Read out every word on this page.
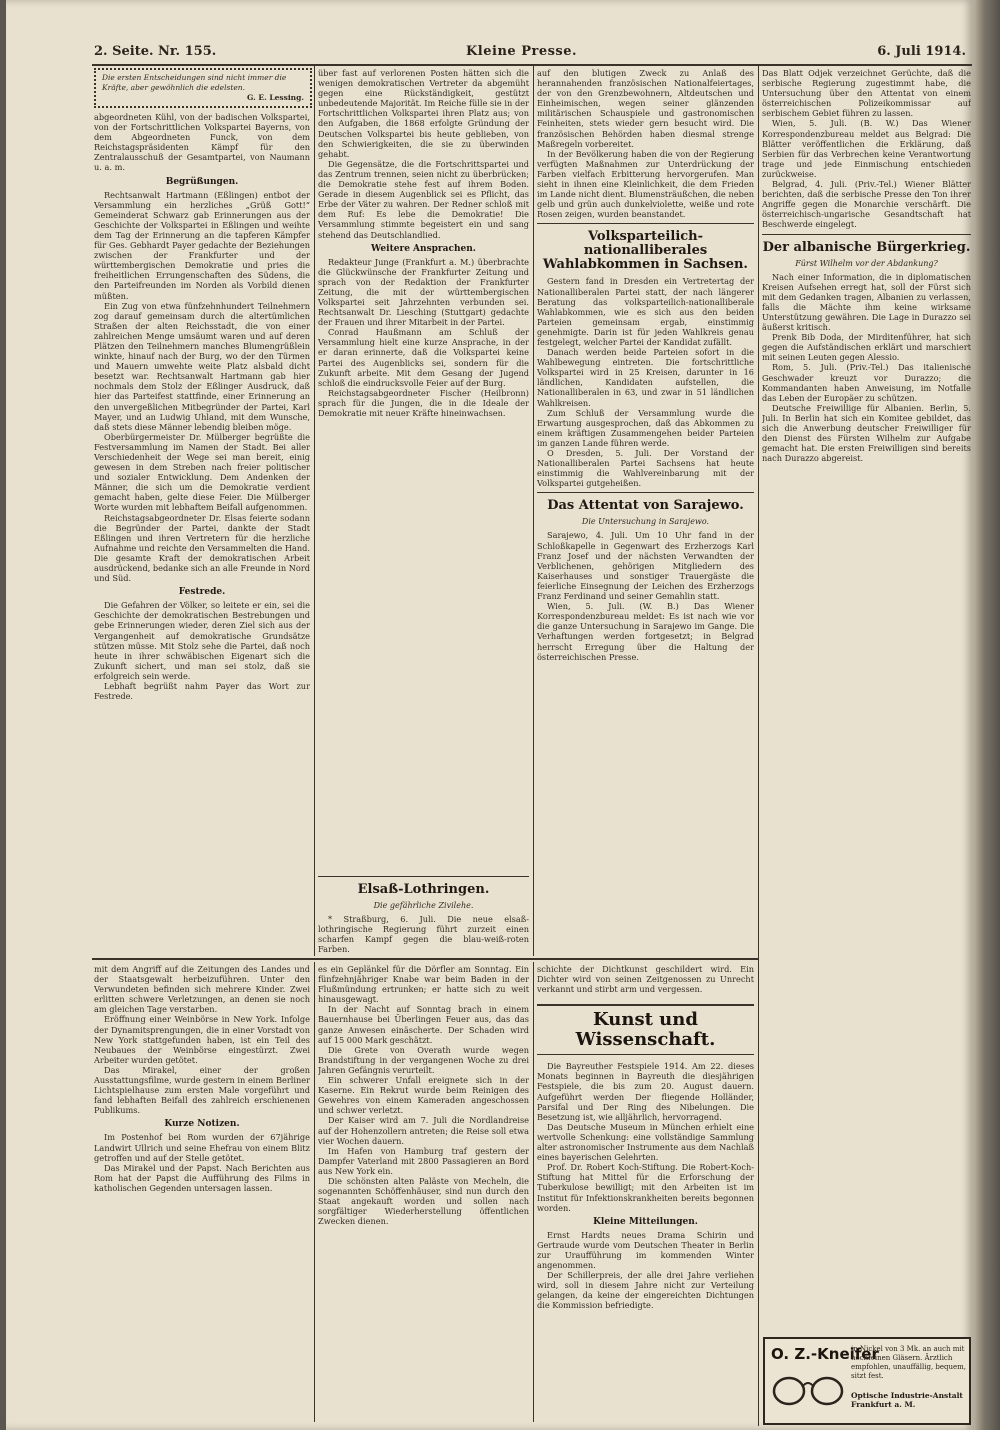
2. Seite. Nr. 155.	Kleine Presse.	6. Juli 1914.
Die ersten Entscheidungen sind nicht immer die Kräfte, aber gewöhnlich die edelsten.
G. E. Lessing.

abgeordneten Kühl, von der badischen Volkspartei, von der Fortschrittlichen Volkspartei Bayerns, von dem Abgeordneten Funck, von dem Reichstagspräsidenten Kämpf für den Zentralausschuß der Gesamtpartei, von Naumann u. a. m.

Begrüßungen.

Rechtsanwalt Hartmann (Eßlingen) entbot der Versammlung ein herzliches „Grüß Gott!“ Gemeinderat Schwarz gab Erinnerungen aus der Geschichte der Volkspartei in Eßlingen und weihte dem Tag der Erinnerung an die tapferen Kämpfer für Ges. Gebhardt Payer gedachte der Beziehungen zwischen der Frankfurter und der württembergischen Demokratie und pries die freiheitlichen Errungenschaften des Südens, die den Parteifreunden im Norden als Vorbild dienen müßten.

Ein Zug von etwa fünfzehnhundert Teilnehmern zog darauf gemeinsam durch die altertümlichen Straßen der alten Reichsstadt, die von einer zahlreichen Menge umsäumt waren und auf deren Plätzen den Teilnehmern manches Blumengrüßlein winkte, hinauf nach der Burg, wo der den Türmen und Mauern umwehte weite Platz alsbald dicht besetzt war. Rechtsanwalt Hartmann gab hier nochmals dem Stolz der Eßlinger Ausdruck, daß hier das Parteifest stattfinde, einer Erinnerung an den unvergeßlichen Mitbegründer der Partei, Karl Mayer, und an Ludwig Uhland, mit dem Wunsche, daß stets diese Männer lebendig bleiben möge.

Oberbürgermeister Dr. Mülberger begrüßte die Festversammlung im Namen der Stadt. Bei aller Verschiedenheit der Wege sei man bereit, einig gewesen in dem Streben nach freier politischer und sozialer Entwicklung. Dem Andenken der Männer, die sich um die Demokratie verdient gemacht haben, gelte diese Feier. Die Mülberger Worte wurden mit lebhaftem Beifall aufgenommen.

Reichstagsabgeordneter Dr. Elsas feierte sodann die Begründer der Partei, dankte der Stadt Eßlingen und ihren Vertretern für die herzliche Aufnahme und reichte den Versammelten die Hand. Die gesamte Kraft der demokratischen Arbeit ausdrückend, bedanke sich an alle Freunde in Nord und Süd.

Festrede.

Die Gefahren der Völker, so leitete er ein, sei die Geschichte der demokratischen Bestrebungen und gebe Erinnerungen wieder, deren Ziel sich aus der Vergangenheit auf demokratische Grundsätze stützen müsse. Mit Stolz sehe die Partei, daß noch heute in ihrer schwäbischen Eigenart sich die Zukunft sichert, und man sei stolz, daß sie erfolgreich sein werde.

Lebhaft begrüßt nahm Payer das Wort zur Festrede.

über fast auf verlorenen Posten hätten sich die wenigen demokratischen Vertreter da abgemüht gegen eine Rückständigkeit, gestützt unbedeutende Majorität. Im Reiche fülle sie in der Fortschrittlichen Volkspartei ihren Platz aus; von den Aufgaben, die 1868 erfolgte Gründung der Deutschen Volkspartei bis heute geblieben, von den Schwierigkeiten, die sie zu überwinden gehabt.

Die Gegensätze, die die Fortschrittspartei und das Zentrum trennen, seien nicht zu überbrücken; die Demokratie stehe fest auf ihrem Boden. Gerade in diesem Augenblick sei es Pflicht, das Erbe der Väter zu wahren. Der Redner schloß mit dem Ruf: Es lebe die Demokratie! Die Versammlung stimmte begeistert ein und sang stehend das Deutschlandlied.

Weitere Ansprachen.

Redakteur Junge (Frankfurt a. M.) überbrachte die Glückwünsche der Frankfurter Zeitung und sprach von der Redaktion der Frankfurter Zeitung, die mit der württembergischen Volkspartei seit Jahrzehnten verbunden sei. Rechtsanwalt Dr. Liesching (Stuttgart) gedachte der Frauen und ihrer Mitarbeit in der Partei.

Conrad Haußmann am Schluß der Versammlung hielt eine kurze Ansprache, in der er daran erinnerte, daß die Volkspartei keine Partei des Augenblicks sei, sondern für die Zukunft arbeite. Mit dem Gesang der Jugend schloß die eindrucksvolle Feier auf der Burg.

Reichstagsabgeordneter Fischer (Heilbronn) sprach für die Jungen, die in die Ideale der Demokratie mit neuer Kräfte hineinwachsen.

Elsaß-Lothringen.
Die gefährliche Zivilehe.

* Straßburg, 6. Juli. Die neue elsaß-lothringische Regierung führt zurzeit einen scharfen Kampf gegen die blau-weiß-roten Farben.

auf den blutigen Zweck zu Anlaß des herannahenden französischen Nationalfeiertages, der von den Grenzbewohnern, Altdeutschen und Einheimischen, wegen seiner glänzenden militärischen Schauspiele und gastronomischen Feinheiten, stets wieder gern besucht wird. Die französischen Behörden haben diesmal strenge Maßregeln vorbereitet.

In der Bevölkerung haben die von der Regierung verfügten Maßnahmen zur Unterdrückung der Farben vielfach Erbitterung hervorgerufen. Man sieht in ihnen eine Kleinlichkeit, die dem Frieden im Lande nicht dient. Blumensträußchen, die neben gelb und grün auch dunkelviolette, weiße und rote Rosen zeigen, wurden beanstandet.

Volksparteilich-nationalliberales Wahlabkommen in Sachsen.

Gestern fand in Dresden ein Vertretertag der Nationalliberalen Partei statt, der nach längerer Beratung das volksparteilich-nationalliberale Wahlabkommen, wie es sich aus den beiden Parteien gemeinsam ergab, einstimmig genehmigte. Darin ist für jeden Wahlkreis genau festgelegt, welcher Partei der Kandidat zufällt.

Danach werden beide Parteien sofort in die Wahlbewegung eintreten. Die fortschrittliche Volkspartei wird in 25 Kreisen, darunter in 16 ländlichen, Kandidaten aufstellen, die Nationalliberalen in 63, und zwar in 51 ländlichen Wahlkreisen.

Zum Schluß der Versammlung wurde die Erwartung ausgesprochen, daß das Abkommen zu einem kräftigen Zusammengehen beider Parteien im ganzen Lande führen werde.

O Dresden, 5. Juli. Der Vorstand der Nationalliberalen Partei Sachsens hat heute einstimmig die Wahlvereinbarung mit der Volkspartei gutgeheißen.

Das Attentat von Sarajewo.
Die Untersuchung in Sarajewo.

Sarajewo, 4. Juli. Um 10 Uhr fand in der Schloßkapelle in Gegenwart des Erzherzogs Karl Franz Josef und der nächsten Verwandten der Verblichenen, gehörigen Mitgliedern des Kaiserhauses und sonstiger Trauergäste die feierliche Einsegnung der Leichen des Erzherzogs Franz Ferdinand und seiner Gemahlin statt.

Wien, 5. Juli. (W. B.) Das Wiener Korrespondenzbureau meldet: Es ist nach wie vor die ganze Untersuchung in Sarajewo im Gange. Die Verhaftungen werden fortgesetzt; in Belgrad herrscht Erregung über die Haltung der österreichischen Presse.

Das Blatt Odjek verzeichnet Gerüchte, daß die serbische Regierung zugestimmt habe, die Untersuchung über den Attentat von einem österreichischen Polizeikommissar auf serbischem Gebiet führen zu lassen.

Wien, 5. Juli. (B. W.) Das Wiener Korrespondenzbureau meldet aus Belgrad: Die Blätter veröffentlichen die Erklärung, daß Serbien für das Verbrechen keine Verantwortung trage und jede Einmischung entschieden zurückweise.

Belgrad, 4. Juli. (Priv.-Tel.) Wiener Blätter berichten, daß die serbische Presse den Ton ihrer Angriffe gegen die Monarchie verschärft. Die österreichisch-ungarische Gesandtschaft hat Beschwerde eingelegt.

Der albanische Bürgerkrieg.
Fürst Wilhelm vor der Abdankung?

Nach einer Information, die in diplomatischen Kreisen Aufsehen erregt hat, soll der Fürst sich mit dem Gedanken tragen, Albanien zu verlassen, falls die Mächte ihm keine wirksame Unterstützung gewähren. Die Lage in Durazzo sei äußerst kritisch.

Prenk Bib Doda, der Mirditenführer, hat sich gegen die Aufständischen erklärt und marschiert mit seinen Leuten gegen Alessio.

Rom, 5. Juli. (Priv.-Tel.) Das italienische Geschwader kreuzt vor Durazzo; die Kommandanten haben Anweisung, im Notfalle das Leben der Europäer zu schützen.

Deutsche Freiwillige für Albanien. Berlin, 5. Juli. In Berlin hat sich ein Komitee gebildet, das sich die Anwerbung deutscher Freiwilliger für den Dienst des Fürsten Wilhelm zur Aufgabe gemacht hat. Die ersten Freiwilligen sind bereits nach Durazzo abgereist.

mit dem Angriff auf die Zeitungen des Landes und der Staatsgewalt herbeizuführen. Unter den Verwundeten befinden sich mehrere Kinder. Zwei erlitten schwere Verletzungen, an denen sie noch am gleichen Tage verstarben.

Eröffnung einer Weinbörse in New York. Infolge der Dynamitsprengungen, die in einer Vorstadt von New York stattgefunden haben, ist ein Teil des Neubaues der Weinbörse eingestürzt. Zwei Arbeiter wurden getötet.

Das Mirakel, einer der großen Ausstattungsfilme, wurde gestern in einem Berliner Lichtspielhause zum ersten Male vorgeführt und fand lebhaften Beifall des zahlreich erschienenen Publikums.

Kurze Notizen.

Im Postenhof bei Rom wurden der 67jährige Landwirt Ullrich und seine Ehefrau von einem Blitz getroffen und auf der Stelle getötet.

Das Mirakel und der Papst. Nach Berichten aus Rom hat der Papst die Aufführung des Films in katholischen Gegenden untersagen lassen.

es ein Geplänkel für die Dörfler am Sonntag. Ein fünfzehnjähriger Knabe war beim Baden in der Flußmündung ertrunken; er hatte sich zu weit hinausgewagt.

In der Nacht auf Sonntag brach in einem Bauernhause bei Überlingen Feuer aus, das das ganze Anwesen einäscherte. Der Schaden wird auf 15 000 Mark geschätzt.

Die Grete von Overath wurde wegen Brandstiftung in der vergangenen Woche zu drei Jahren Gefängnis verurteilt.

Ein schwerer Unfall ereignete sich in der Kaserne. Ein Rekrut wurde beim Reinigen des Gewehres von einem Kameraden angeschossen und schwer verletzt.

Der Kaiser wird am 7. Juli die Nordlandreise auf der Hohenzollern antreten; die Reise soll etwa vier Wochen dauern.

Im Hafen von Hamburg traf gestern der Dampfer Vaterland mit 2800 Passagieren an Bord aus New York ein.

Die schönsten alten Paläste von Mecheln, die sogenannten Schöffenhäuser, sind nun durch den Staat angekauft worden und sollen nach sorgfältiger Wiederherstellung öffentlichen Zwecken dienen.

schichte der Dichtkunst geschildert wird. Ein Dichter wird von seinen Zeitgenossen zu Unrecht verkannt und stirbt arm und vergessen.

Kunst und Wissenschaft.

Die Bayreuther Festspiele 1914. Am 22. dieses Monats beginnen in Bayreuth die diesjährigen Festspiele, die bis zum 20. August dauern. Aufgeführt werden Der fliegende Holländer, Parsifal und Der Ring des Nibelungen. Die Besetzung ist, wie alljährlich, hervorragend.

Das Deutsche Museum in München erhielt eine wertvolle Schenkung: eine vollständige Sammlung alter astronomischer Instrumente aus dem Nachlaß eines bayerischen Gelehrten.

Prof. Dr. Robert Koch-Stiftung. Die Robert-Koch-Stiftung hat Mittel für die Erforschung der Tuberkulose bewilligt; mit den Arbeiten ist im Institut für Infektionskrankheiten bereits begonnen worden.

Kleine Mitteilungen.

Ernst Hardts neues Drama Schirin und Gertraude wurde vom Deutschen Theater in Berlin zur Uraufführung im kommenden Winter angenommen.

Der Schillerpreis, der alle drei Jahre verliehen wird, soll in diesem Jahre nicht zur Verteilung gelangen, da keine der eingereichten Dichtungen die Kommission befriedigte.

O. Z.-Kneifer
in Nickel von 3 Mk. an auch mit hochfeinen Gläsern. Ärztlich empfohlen, unauffällig, bequem, sitzt fest.
Optische Industrie-Anstalt Frankfurt a. M.
